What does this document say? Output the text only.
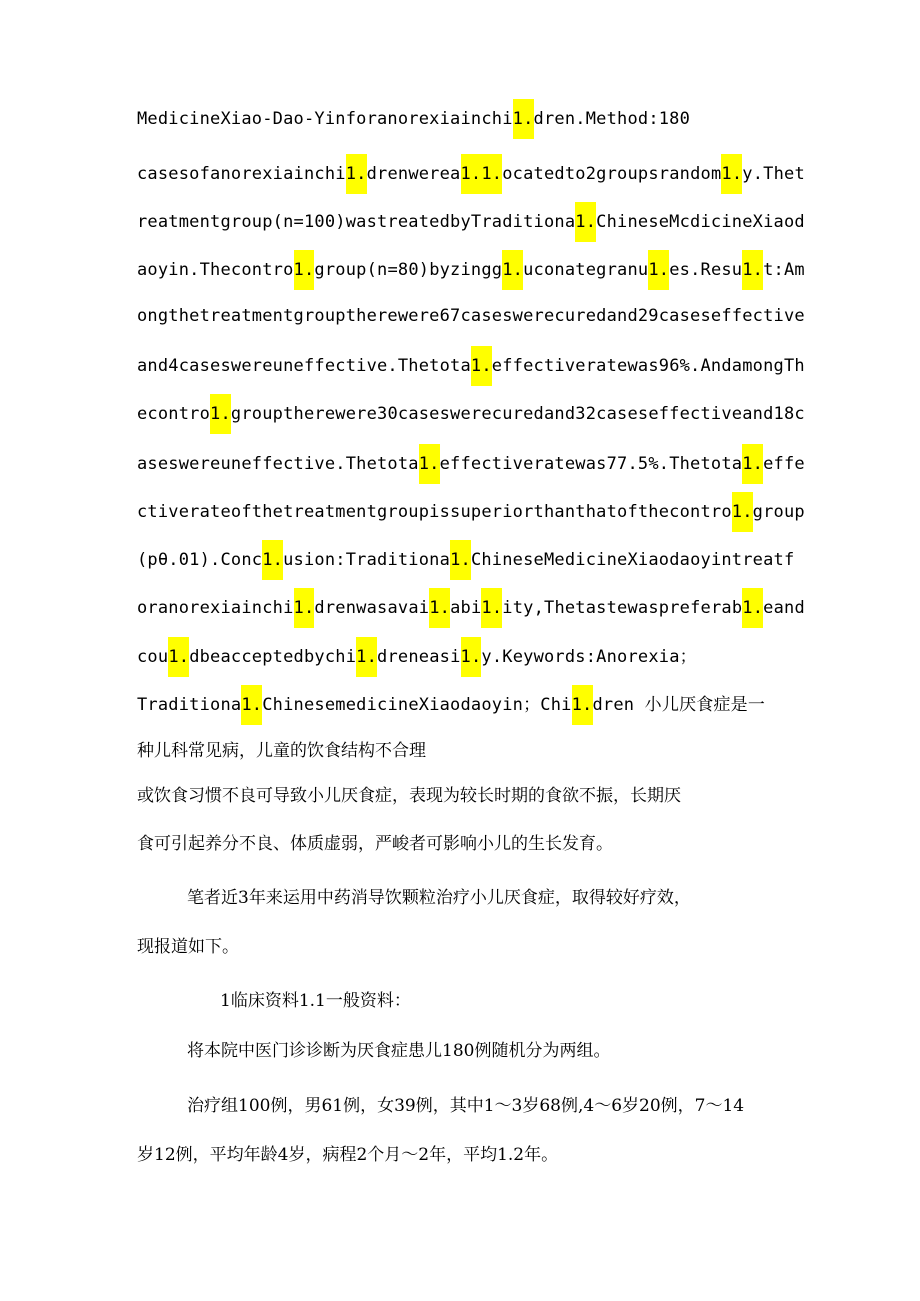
MedicineXiao-Dao-Yinforanorexiainchi1.dren.Method:180
casesofanorexiainchi1.drenwerea1.1.ocatedto2groupsrandom1.y.Thet
reatmentgroup(n=100)wastreatedbyTraditiona1.ChineseMcdicineXiaod
aoyin.Thecontro1.group(n=80)byzingg1.uconategranu1.es.Resu1.t:Am
ongthetreatmentgrouptherewere67caseswerecuredand29caseseffective
and4caseswereuneffective.Thetota1.effectiveratewas96%.AndamongTh
econtro1.grouptherewere30caseswerecuredand32caseseffectiveand18c
aseswereuneffective.Thetota1.effectiveratewas77.5%.Thetota1.effe
ctiverateofthetreatmentgroupissuperiorthanthatofthecontro1.group
(pθ.01).Conc1.usion:Traditiona1.ChineseMedicineXiaodaoyintreatf
oranorexiainchi1.drenwasavai1.abi1.ity,Thetastewaspreferab1.eand
cou1.dbeacceptedbychi1.dreneasi1.y.Keywords:Anorexia；
Traditiona1.ChinesemedicineXiaodaoyin；Chi1.dren 小儿厌食症是一
种儿科常见病，儿童的饮食结构不合理
或饮食习惯不良可导致小儿厌食症，表现为较长时期的食欲不振，长期厌
食可引起养分不良、体质虚弱，严峻者可影响小儿的生长发育。
笔者近3年来运用中药消导饮颗粒治疗小儿厌食症，取得较好疗效，
现报道如下。
1临床资料1.1一般资料：
将本院中医门诊诊断为厌食症患儿180例随机分为两组。
治疗组100例，男61例，女39例，其中1～3岁68例,4～6岁20例，7～14
岁12例，平均年龄4岁，病程2个月～2年，平均1.2年。
